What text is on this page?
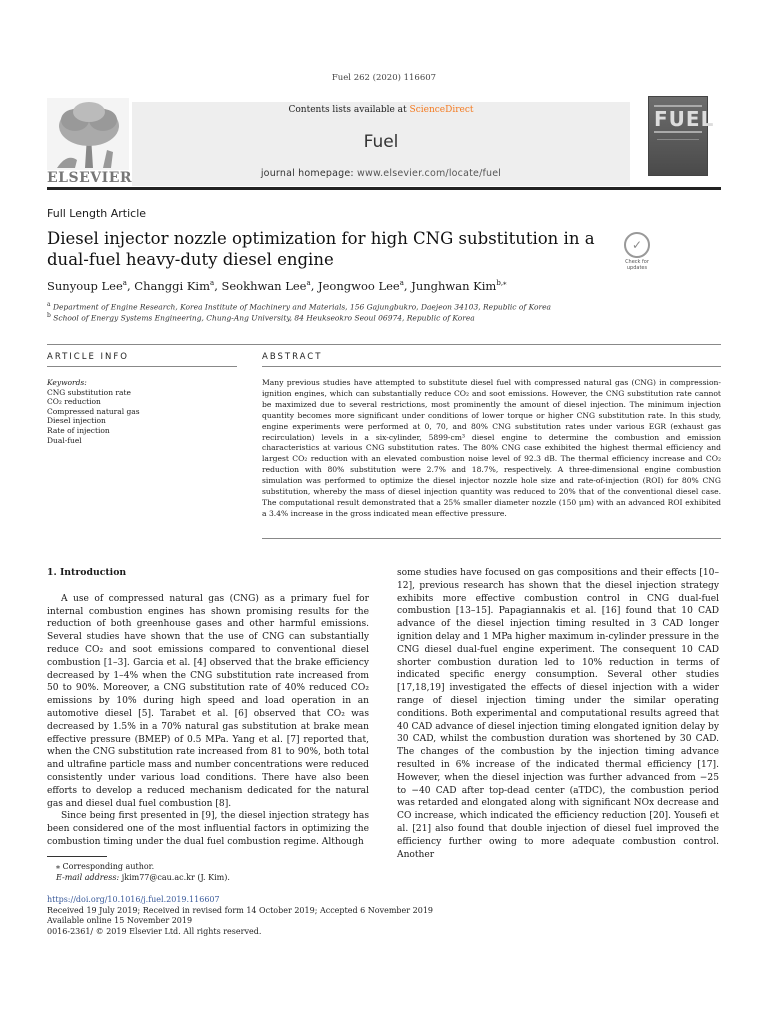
Fuel 262 (2020) 116607
ELSEVIER
Contents lists available at ScienceDirect
Fuel
journal homepage: www.elsevier.com/locate/fuel
FUEL
Full Length Article
Diesel injector nozzle optimization for high CNG substitution in a dual-fuel heavy-duty diesel engine
✓
Check for updates
Sunyoup Lee$^a$, Changgi Kim$^a$, Seokhwan Lee$^a$, Jeongwoo Lee$^a$, Junghwan Kim$^{b,⁎}$
$^a$ Department of Engine Research, Korea Institute of Machinery and Materials, 156 Gajungbukro, Daejeon 34103, Republic of Korea
$^b$ School of Energy Systems Engineering, Chung-Ang University, 84 Heukseokro Seoul 06974, Republic of Korea
ARTICLE INFO	ABSTRACT
Keywords:
CNG substitution rate
CO₂ reduction
Compressed natural gas
Diesel injection
Rate of injection
Dual-fuel
Many previous studies have attempted to substitute diesel fuel with compressed natural gas (CNG) in compression-ignition engines, which can substantially reduce CO₂ and soot emissions. However, the CNG substitution rate cannot be maximized due to several restrictions, most prominently the amount of diesel injection. The minimum injection quantity becomes more significant under conditions of lower torque or higher CNG substitution rate. In this study, engine experiments were performed at 0, 70, and 80% CNG substitution rates under various EGR (exhaust gas recirculation) levels in a six-cylinder, 5899-cm³ diesel engine to determine the combustion and emission characteristics at various CNG substitution rates. The 80% CNG case exhibited the highest thermal efficiency and largest CO₂ reduction with an elevated combustion noise level of 92.3 dB. The thermal efficiency increase and CO₂ reduction with 80% substitution were 2.7% and 18.7%, respectively. A three-dimensional engine combustion simulation was performed to optimize the diesel injector nozzle hole size and rate-of-injection (ROI) for 80% CNG substitution, whereby the mass of diesel injection quantity was reduced to 20% that of the conventional diesel case. The computational result demonstrated that a 25% smaller diameter nozzle (150 μm) with an advanced ROI exhibited a 3.4% increase in the gross indicated mean effective pressure.
1. Introduction

A use of compressed natural gas (CNG) as a primary fuel for internal combustion engines has shown promising results for the reduction of both greenhouse gases and other harmful emissions. Several studies have shown that the use of CNG can substantially reduce CO₂ and soot emissions compared to conventional diesel combustion [1–3]. Garcia et al. [4] observed that the brake efficiency decreased by 1–4% when the CNG substitution rate increased from 50 to 90%. Moreover, a CNG substitution rate of 40% reduced CO₂ emissions by 10% during high speed and load operation in an automotive diesel [5]. Tarabet et al. [6] observed that CO₂ was decreased by 1.5% in a 70% natural gas substitution at brake mean effective pressure (BMEP) of 0.5 MPa. Yang et al. [7] reported that, when the CNG substitution rate increased from 81 to 90%, both total and ultrafine particle mass and number concentrations were reduced consistently under various load conditions. There have also been efforts to develop a reduced mechanism dedicated for the natural gas and diesel dual fuel combustion [8].

Since being first presented in [9], the diesel injection strategy has been considered one of the most influential factors in optimizing the combustion timing under the dual fuel combustion regime. Although

some studies have focused on gas compositions and their effects [10–12], previous research has shown that the diesel injection strategy exhibits more effective combustion control in CNG dual-fuel combustion [13–15]. Papagiannakis et al. [16] found that 10 CAD advance of the diesel injection timing resulted in 3 CAD longer ignition delay and 1 MPa higher maximum in-cylinder pressure in the CNG diesel dual-fuel engine experiment. The consequent 10 CAD shorter combustion duration led to 10% reduction in terms of indicated specific energy consumption. Several other studies [17,18,19] investigated the effects of diesel injection with a wider range of diesel injection timing under the similar operating conditions. Both experimental and computational results agreed that 40 CAD advance of diesel injection timing elongated ignition delay by 30 CAD, whilst the combustion duration was shortened by 30 CAD. The changes of the combustion by the injection timing advance resulted in 6% increase of the indicated thermal efficiency [17]. However, when the diesel injection was further advanced from −25 to −40 CAD after top-dead center (aTDC), the combustion period was retarded and elongated along with significant NOx decrease and CO increase, which indicated the efficiency reduction [20]. Yousefi et al. [21] also found that double injection of diesel fuel improved the efficiency further owing to more adequate combustion control. Another

⁎ Corresponding author.
E-mail address: jkim77@cau.ac.kr (J. Kim).
https://doi.org/10.1016/j.fuel.2019.116607
Received 19 July 2019; Received in revised form 14 October 2019; Accepted 6 November 2019
Available online 15 November 2019
0016-2361/ © 2019 Elsevier Ltd. All rights reserved.
